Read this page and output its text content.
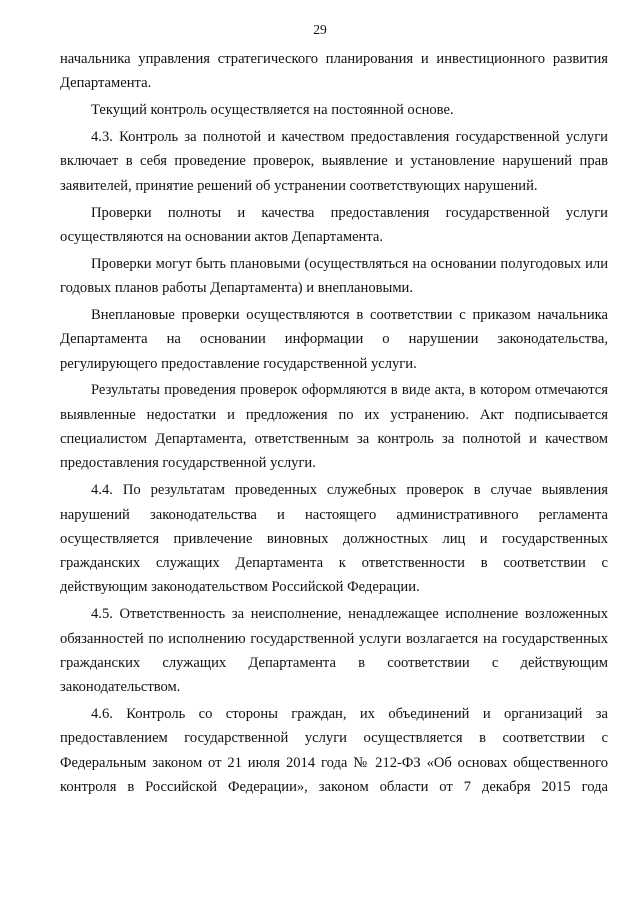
29

начальника управления стратегического планирования и инвестиционного развития Департамента.

Текущий контроль осуществляется на постоянной основе.

4.3. Контроль за полнотой и качеством предоставления государственной услуги включает в себя проведение проверок, выявление и установление нарушений прав заявителей, принятие решений об устранении соответствующих нарушений.

Проверки полноты и качества предоставления государственной услуги осуществляются на основании актов Департамента.

Проверки могут быть плановыми (осуществляться на основании полугодовых или годовых планов работы Департамента) и внеплановыми.

Внеплановые проверки осуществляются в соответствии с приказом начальника Департамента на основании информации о нарушении законодательства, регулирующего предоставление государственной услуги.

Результаты проведения проверок оформляются в виде акта, в котором отмечаются выявленные недостатки и предложения по их устранению. Акт подписывается специалистом Департамента, ответственным за контроль за полнотой и качеством предоставления государственной услуги.

4.4. По результатам проведенных служебных проверок в случае выявления нарушений законодательства и настоящего административного регламента осуществляется привлечение виновных должностных лиц и государственных гражданских служащих Департамента к ответственности в соответствии с действующим законодательством Российской Федерации.

4.5. Ответственность за неисполнение, ненадлежащее исполнение возложенных обязанностей по исполнению государственной услуги возлагается на государственных гражданских служащих Департамента в соответствии с действующим законодательством.

4.6. Контроль со стороны граждан, их объединений и организаций за предоставлением государственной услуги осуществляется в соответствии с Федеральным законом от 21 июля 2014 года № 212-ФЗ «Об основах общественного контроля в Российской Федерации», законом области от 7 декабря 2015 года
